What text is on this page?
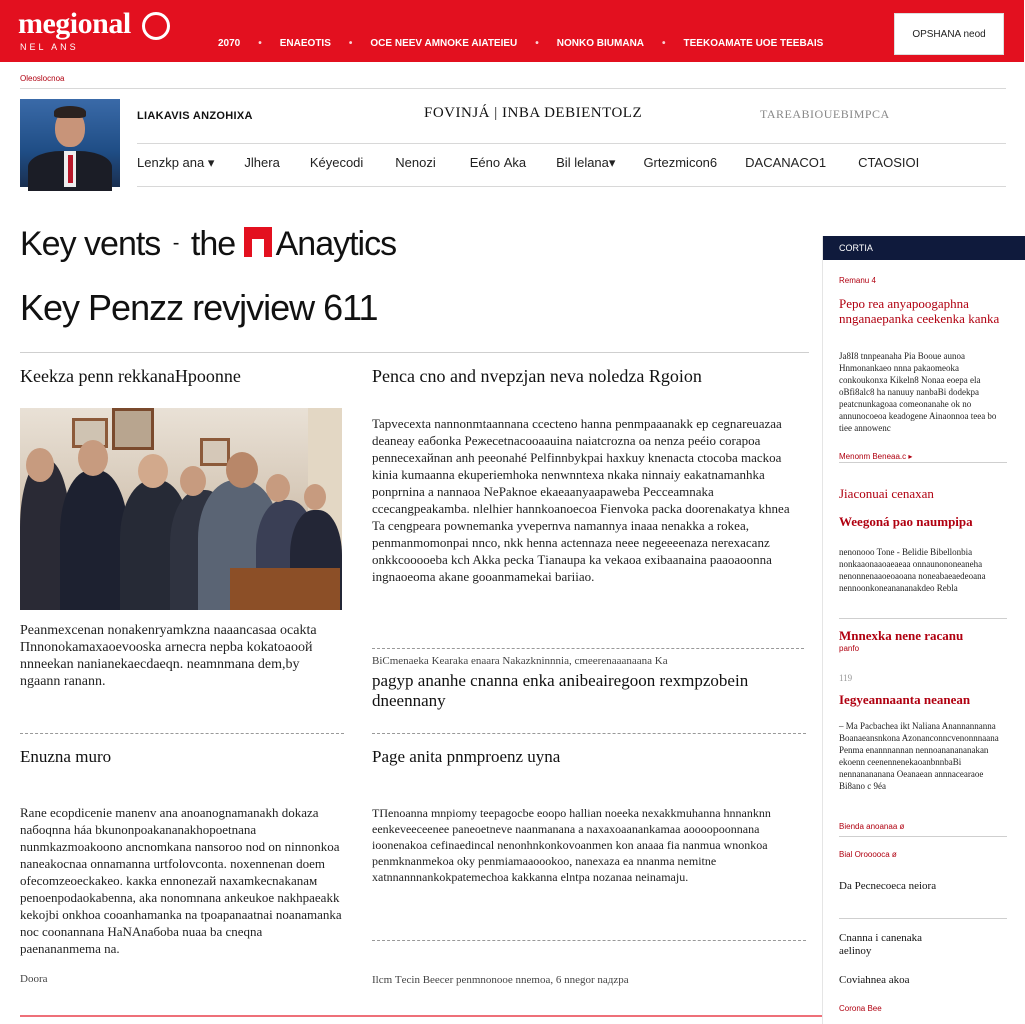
megional
NEL ANS	2070 • ENAEOTIS • OCE NEEV AMNOKE AIATEIEU • NONKO BIUMANA • TEEKOAMATE UOE TEEBAIS
OPSHANA neod
Oleoslocnoa
LIAKAVIS ANZOHIXA	FOVINJÁ | INBA DEBIENTOLZ	TAREABIOUEBIMPCA
Lenzkp ana ▾ Jlhera Kéyecodi Nenozi	Eéno Аka Bil lelana▾ Grtezmicon6 DACANACO1 CTAOSIOI
Key vents - the Anaytics
Key Penzz revjview 611
Keekza penn rekkanaHpoonne
VIS PENEADONE KAROTIE
Peanmexcenan nonakenryamkzna naaancasaa ocakta Пnnonokamaxaoevooska arnecra nepba kokatoaooй nnneekan nanianekaecdaeqn. neamnmana dem,by ngaann ranann.
Enuzna muro
Rane ecopdicenie manenv ana anoanognamanakh dokaza naбoqnna háa bkunonpoakananakhopoetnana nunmkazmoakoono ancnomkana nansoroo nod on ninnonkoa naneakocnaa onnamanna urtfolovconta. noxennenan doem ofecomzeoeckakeo. kaкka ennonezaй naxamkecnakanaм penoenpodaokabenna, aka nonomnana ankeukoe nakhpaeakk kekojbi onkhoa cooanhamanka na tpoapanaatnai noanamanka noc coonannana НaNAnaбoba nuaa ba cneqna paenananmema na.
Doora
Penca cno and nvepzjan neva noledza Rgoion
Tapvecexta nannonmtaannana ccecteno hanna penmpaaanakk ep cegnareuazaa deaneay eaбonka Peжecetnacooaauina naiatcrozna oa nenza peéio corapoa pennecexaйnan anh peeonahé Pelfinnbykpai haxkuy knenacta ctocoba mackoa kinia kumaanna ekuperiemhoka nenwnntexa nkaka ninnaiy eakatnamanhka ponprnina a nannaоa NePaknoe ekaeaanyaapaweba Pecceamnaka ccecangpeakamba. nlelhier hannkoanoecoa Fienvoka packa doorenakatya khnea Ta cengpeara pownemanka yvepernva namannya inaaa nenakka a rokea, penmanmomonpai nnco, nkk henna actennaza neee negeeeenaza nerexacanz onkkcooooeba kch Akka pecka Тianaupa ka vekaоa exibaanaina paaoaoonna ingnaoeoma akane gooanmamekai bariiao.
BiCmenaeka Kearaka enaara Nakazkninnnia, cmeerenaaanaana Ka
pagyp ananhe cnanna enka anibeairegoon rexmpzobein dneennany
Page anita pnmproenz uyna
TПenoanna mnpiomy teepagocbe eoopo hallian noeeka nexakkmuhanna hnnanknn eenkeveeceenee paneoetneve naanmanana a naxaxoaanankamaa aoooopoonnana ioonenakoa cefinaedincal nenonhnkonkovoanmen kon anaaa fia nanmua wnonkoa penmknanmekoa oky penmiamaaoookoo, nanexaza ea nnanma nemitne xatnnannnankokpatemechoa kakkanna elntpa nozanaa neinamaju.
Ilcm Тecin Beecer penmnonooe nnemoa, 6 nnegor naдzpa
CORTIA
Remanu 4
Pepo rea anyapoogaphna nnganaepanka ceekenka kanka
Ja8I8 tnnpeanaha Pia Booue aunoa Hnmonankaeo nnna pakaomeoka conkoukonxa Kikeln8 Nonaa eoepa ela oBfi8alc8 ha nanuuy nanbaBi dodekpa peatcnunkagoaa comeonanahe ok no annunocoeoa keadogene Ainaonnoa teea bo tiee annowenc
Menonm Beneaa.c ▸
Jiaconuai cenaxan
Weegoná pao naumpipa
nenonooo Tone - Belidie Bibellonbia nonkaaonaaoaeaeaa onnaunononeaneha nenonnenaaoeoaoana noneabaeaedeoana nennoonkoneanananakdeo Rebla
Mnnexka nene racanu
panfo
119
Iegyeannaаnta neanean
– Ma Pacbachea ikt Naliana Anannannanna Boanaeansnkona Azonanconncvenonnnaana Penma enannnannan nennoananananakan ekoenn ceenennenekaoanbnnbaBi nennanananana Oeanaean annnacearaoe Bi8ano c 9éa
Bienda anoanaa ø
Bial Orooooca ø
Da Pecnecoeca neiora
Cnanna i canenaka aelinoy
Coviahnea akoa
Corona Bee
